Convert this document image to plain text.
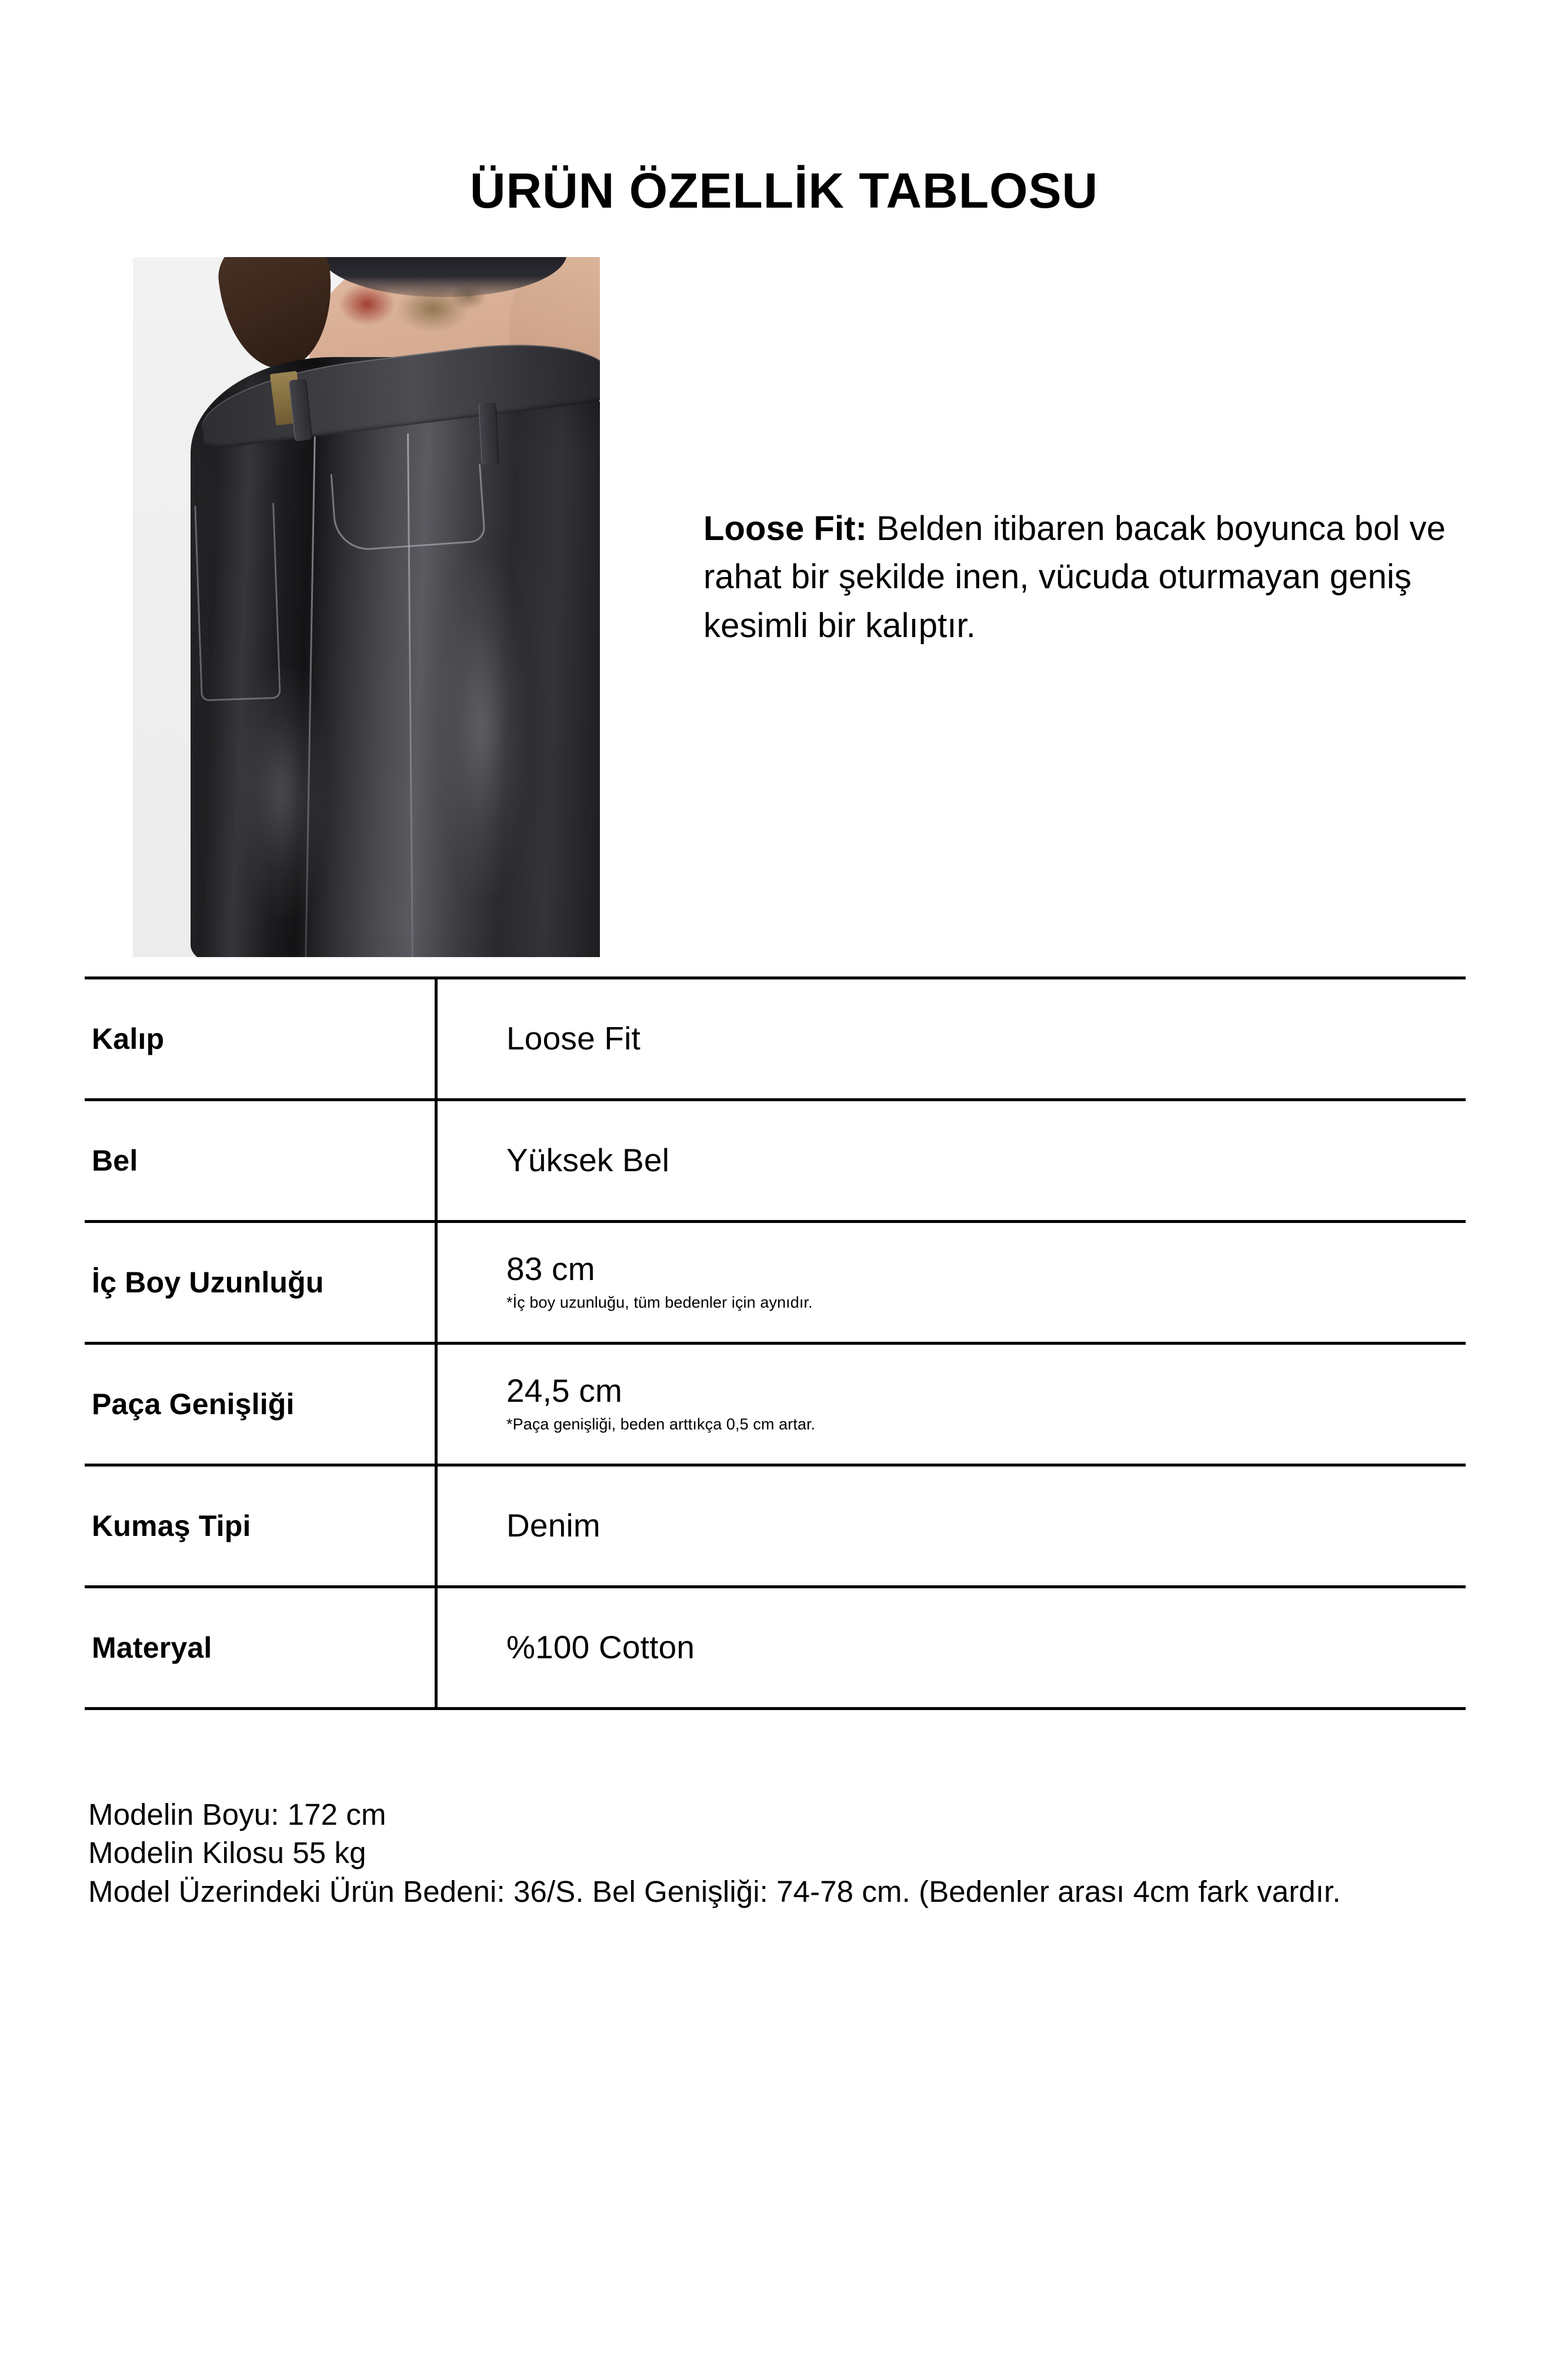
ÜRÜN ÖZELLİK TABLOSU
Loose Fit: Belden itibaren bacak boyunca bol ve rahat bir şekilde inen, vücuda oturmayan geniş kesimli bir kalıptır.
Kalıp	Loose Fit
Bel	Yüksek Bel
İç Boy Uzunluğu	83 cm
*İç boy uzunluğu, tüm bedenler için aynıdır.
Paça Genişliği	24,5 cm
*Paça genişliği, beden arttıkça 0,5 cm artar.
Kumaş Tipi	Denim
Materyal	%100 Cotton
Modelin Boyu: 172 cm
Modelin Kilosu 55 kg
Model Üzerindeki Ürün Bedeni: 36/S. Bel Genişliği: 74-78 cm. (Bedenler arası 4cm fark vardır.
